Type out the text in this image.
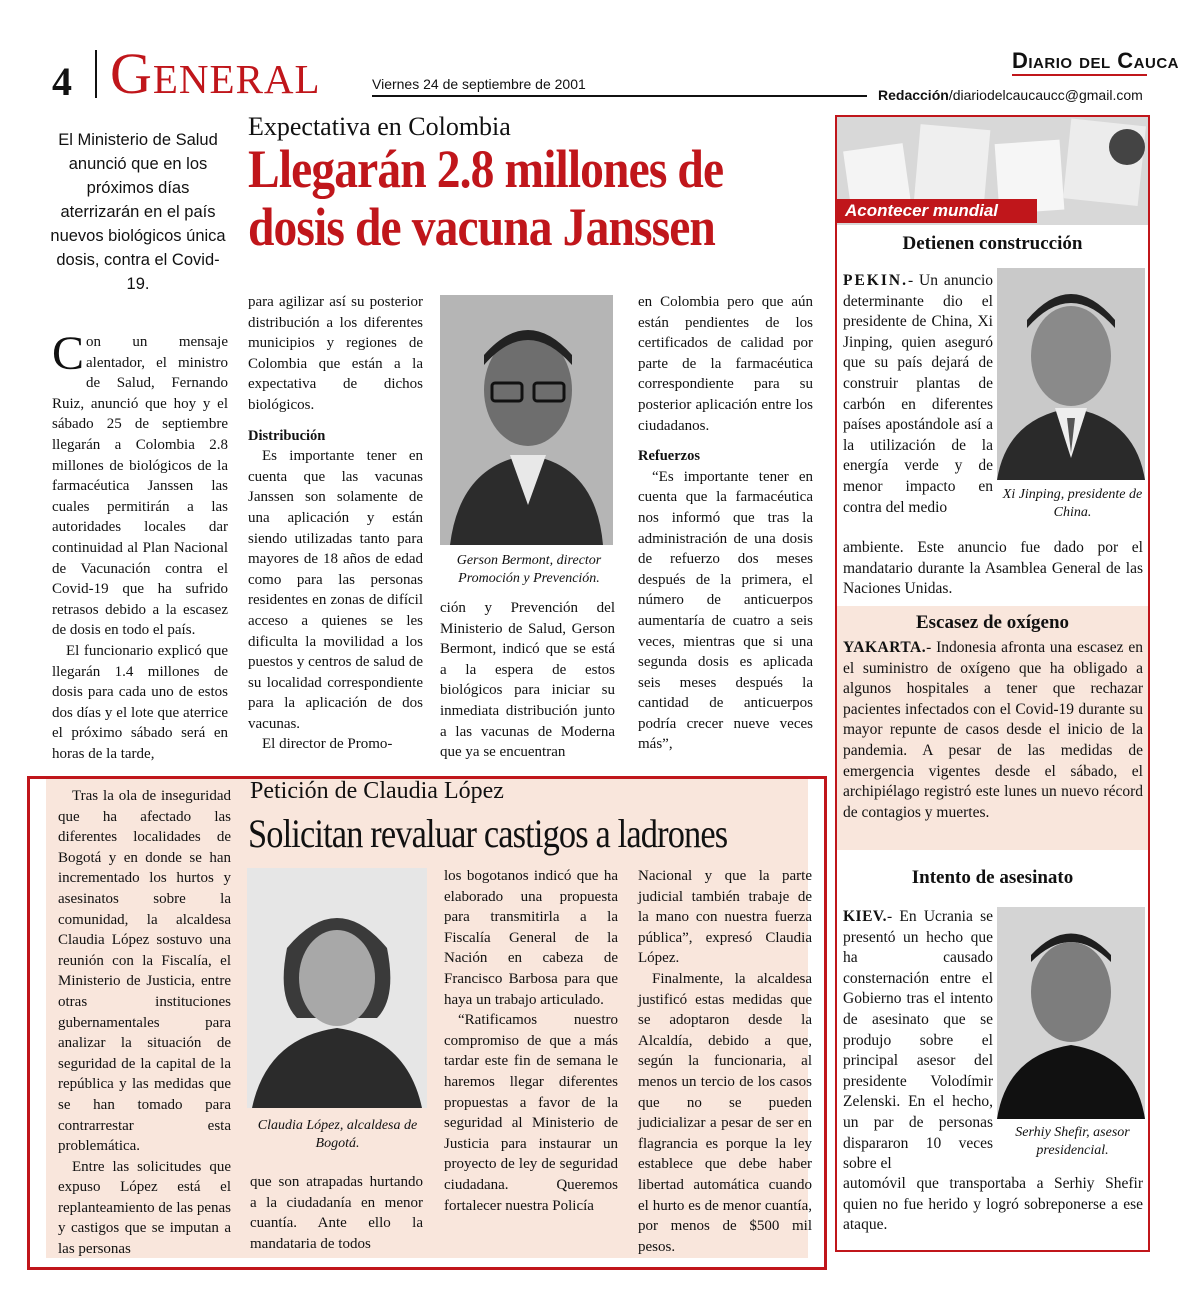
4 General	Viernes 24 de septiembre de 2001
Diario del Cauca
Redacción/diariodelcaucaucc@gmail.com
Expectativa en Colombia
Llegarán 2.8 millones de dosis de vacuna Janssen
El Ministerio de Salud anunció que en los próximos días aterrizarán en el país nuevos biológicos única dosis, contra el Covid-19.

Con un mensaje alentador, el ministro de Salud, Fernando Ruiz, anunció que hoy y el sábado 25 de septiembre llegarán a Colombia 2.8 millones de biológicos de la farmacéutica Janssen las cuales permitirán a las autoridades locales dar continuidad al Plan Nacional de Vacunación contra el Covid-19 que ha sufrido retrasos debido a la escasez de dosis en todo el país.

El funcionario explicó que llegarán 1.4 millones de dosis para cada uno de estos dos días y el lote que aterrice el próximo sábado será en horas de la tarde,

para agilizar así su posterior distribución a los diferentes municipios y regiones de Colombia que están a la expectativa de dichos biológicos.

Distribución

Es importante tener en cuenta que las vacunas Janssen son solamente de una aplicación y están siendo utilizadas tanto para mayores de 18 años de edad como para las personas residentes en zonas de difícil acceso a quienes se les dificulta la movilidad a los puestos y centros de salud de su localidad correspondiente para la aplicación de dos vacunas.

El director de Promo-

Gerson Bermont, director Promoción y Prevención.

ción y Prevención del Ministerio de Salud, Gerson Bermont, indicó que se está a la espera de estos biológicos para iniciar su inmediata distribución junto a las vacunas de Moderna que ya se encuentran

en Colombia pero que aún están pendientes de los certificados de calidad por parte de la farmacéutica correspondiente para su posterior aplicación entre los ciudadanos.

Refuerzos

“Es importante tener en cuenta que la farmacéutica nos informó que tras la administración de una dosis de refuerzo dos meses después de la primera, el número de anticuerpos aumentaría de cuatro a seis veces, mientras que si una segunda dosis es aplicada seis meses después la cantidad de anticuerpos podría crecer nueve veces más”,

Acontecer mundial
Detienen construcción
Xi Jinping, presidente de China.
PEKIN.- Un anuncio determinante dio el presidente de China, Xi Jinping, quien aseguró que su país dejará de construir plantas de carbón en diferentes países apostándole así a la utilización de la energía verde y de menor impacto en contra del medio
ambiente. Este anuncio fue dado por el mandatario durante la Asamblea General de las Naciones Unidas.
Escasez de oxígeno
YAKARTA.- Indonesia afronta una escasez en el suministro de oxígeno que ha obligado a algunos hospitales a tener que rechazar pacientes infectados con el Covid-19 durante su mayor repunte de casos desde el inicio de la pandemia. A pesar de las medidas de emergencia vigentes desde el sábado, el archipiélago registró este lunes un nuevo récord de contagios y muertes.
Intento de asesinato
Serhiy Shefir, asesor presidencial.
KIEV.- En Ucrania se presentó un hecho que ha causado consternación entre el Gobierno tras el intento de asesinato que se produjo sobre el principal asesor del presidente Volodímir Zelenski. En el hecho, un par de personas dispararon 10 veces sobre el
automóvil que transportaba a Serhiy Shefir quien no fue herido y logró sobreponerse a ese ataque.
Petición de Claudia López
Solicitan revaluar castigos a ladrones

Tras la ola de inseguridad que ha afectado las diferentes localidades de Bogotá y en donde se han incrementado los hurtos y asesinatos sobre la comunidad, la alcaldesa Claudia López sostuvo una reunión con la Fiscalía, el Ministerio de Justicia, entre otras instituciones gubernamentales para analizar la situación de seguridad de la capital de la república y las medidas que se han tomado para contrarrestar esta problemática.

Entre las solicitudes que expuso López está el replanteamiento de las penas y castigos que se imputan a las personas

Claudia López, alcaldesa de Bogotá.

que son atrapadas hurtando a la ciudadanía en menor cuantía. Ante ello la mandataria de todos

los bogotanos indicó que ha elaborado una propuesta para transmitirla a la Fiscalía General de la Nación en cabeza de Francisco Barbosa para que haya un trabajo articulado.

“Ratificamos nuestro compromiso de que a más tardar este fin de semana le haremos llegar diferentes propuestas a favor de la seguridad al Ministerio de Justicia para instaurar un proyecto de ley de seguridad ciudadana. Queremos fortalecer nuestra Policía

Nacional y que la parte judicial también trabaje de la mano con nuestra fuerza pública”, expresó Claudia López.

Finalmente, la alcaldesa justificó estas medidas que se adoptaron desde la Alcaldía, debido a que, según la funcionaria, al menos un tercio de los casos que no se pueden judicializar a pesar de ser en flagrancia es porque la ley establece que debe haber libertad automática cuando el hurto es de menor cuantía, por menos de $500 mil pesos.
